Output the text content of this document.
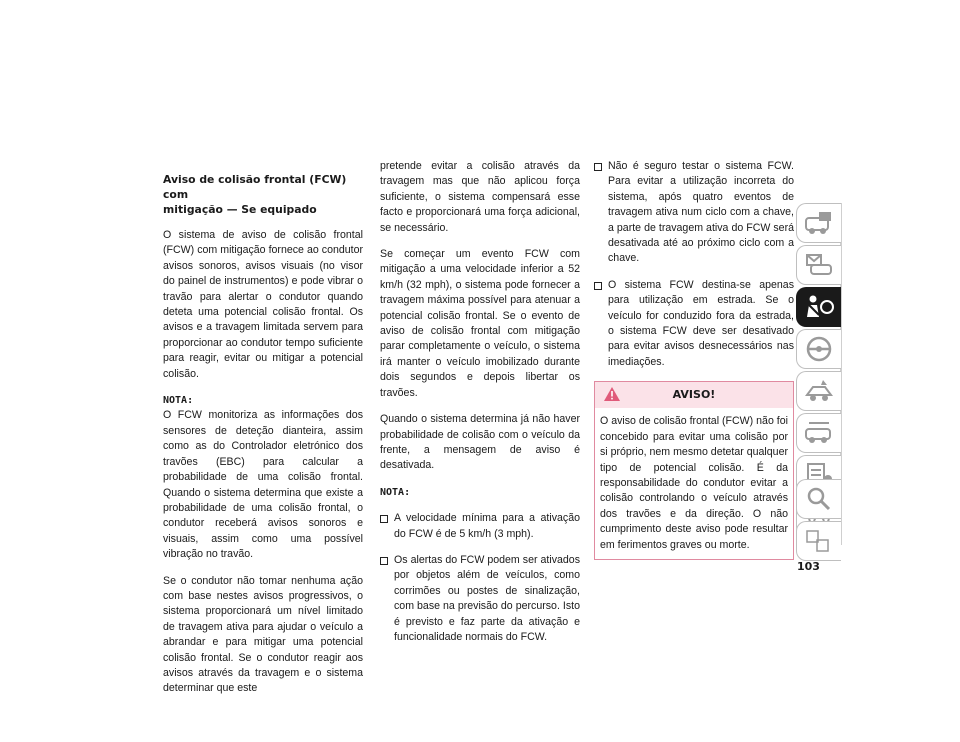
Aviso de colisão frontal (FCW) com
mitigação — Se equipado

O sistema de aviso de colisão frontal (FCW) com mitigação fornece ao condutor avisos sonoros, avisos visuais (no visor do painel de instrumentos) e pode vibrar o travão para alertar o condutor quando deteta uma potencial colisão frontal. Os avisos e a travagem limitada servem para proporcionar ao condutor tempo suficiente para reagir, evitar ou mitigar a potencial colisão.

NOTA:
O FCW monitoriza as informações dos sensores de deteção dianteira, assim como as do Controlador eletrónico dos travões (EBC) para calcular a probabilidade de uma colisão frontal. Quando o sistema determina que existe a probabilidade de uma colisão frontal, o condutor receberá avisos sonoros e visuais, assim como uma possível vibração no travão.

Se o condutor não tomar nenhuma ação com base nestes avisos progressivos, o sistema proporcionará um nível limitado de travagem ativa para ajudar o veículo a abrandar e para mitigar uma potencial colisão frontal. Se o condutor reagir aos avisos através da travagem e o sistema determinar que este

pretende evitar a colisão através da travagem mas que não aplicou força suficiente, o sistema compensará esse facto e proporcionará uma força adicional, se necessário.

Se começar um evento FCW com mitigação a uma velocidade inferior a 52 km/h (32 mph), o sistema pode fornecer a travagem máxima possível para atenuar a potencial colisão frontal. Se o evento de aviso de colisão frontal com mitigação parar completamente o veículo, o sistema irá manter o veículo imobilizado durante dois segundos e depois libertar os travões.

Quando o sistema determina já não haver probabilidade de colisão com o veículo da frente, a mensagem de aviso é desativada.

NOTA:

A velocidade mínima para a ativação do FCW é de 5 km/h (3 mph).
Os alertas do FCW podem ser ativados por objetos além de veículos, como corrimões ou postes de sinalização, com base na previsão do percurso. Isto é previsto e faz parte da ativação e funcionalidade normais do FCW.
Não é seguro testar o sistema FCW. Para evitar a utilização incorreta do sistema, após quatro eventos de travagem ativa num ciclo com a chave, a parte de travagem ativa do FCW será desativada até ao próximo ciclo com a chave.
O sistema FCW destina-se apenas para utilização em estrada. Se o veículo for conduzido fora da estrada, o sistema FCW deve ser desativado para evitar avisos desnecessários nas imediações.
AVISO!
O aviso de colisão frontal (FCW) não foi concebido para evitar uma colisão por si próprio, nem mesmo detetar qualquer tipo de potencial colisão. É da responsabilidade do condutor evitar a colisão controlando o veículo através dos travões e da direção. O não cumprimento deste aviso pode resultar em ferimentos graves ou morte.
103
